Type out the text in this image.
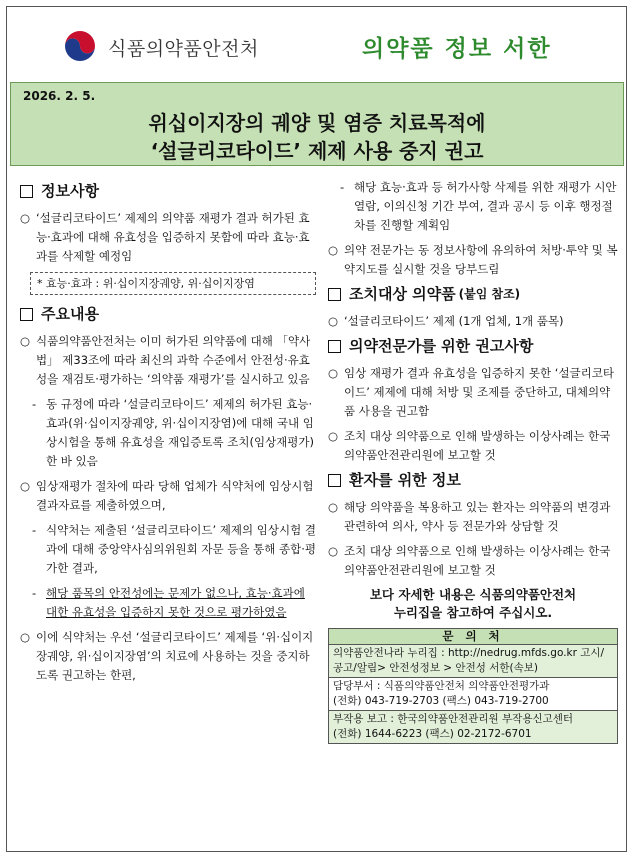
식품의약품안전처	의약품 정보 서한
2026. 2. 5.
위십이지장의 궤양 및 염증 치료목적에
‘설글리코타이드’ 제제 사용 중지 권고
정보사항
○ ‘설글리코타이드’ 제제의 의약품 재평가 결과 허가된 효능·효과에 대해 유효성을 입증하지 못함에 따라 효능·효과를 삭제할 예정임
* 효능·효과 : 위·십이지장궤양, 위·십이지장염
주요내용
○ 식품의약품안전처는 이미 허가된 의약품에 대해 「약사법」 제33조에 따라 최신의 과학 수준에서 안전성·유효성을 재검토·평가하는 ‘의약품 재평가’를 실시하고 있음
- 동 규정에 따라 ‘설글리코타이드’ 제제의 허가된 효능·효과(위·십이지장궤양, 위·십이지장염)에 대해 국내 임상시험을 통해 유효성을 재입증토록 조치(임상재평가)한 바 있음
○ 임상재평가 절차에 따라 당해 업체가 식약처에 임상시험 결과자료를 제출하였으며,
- 식약처는 제출된 ‘설글리코타이드’ 제제의 임상시험 결과에 대해 중앙약사심의위원회 자문 등을 통해 종합·평가한 결과,
- 해당 품목의 안전성에는 문제가 없으나, 효능·효과에 대한 유효성을 입증하지 못한 것으로 평가하였음
○ 이에 식약처는 우선 ‘설글리코타이드’ 제제를 ‘위·십이지장궤양, 위·십이지장염’의 치료에 사용하는 것을 중지하도록 권고하는 한편,
- 해당 효능·효과 등 허가사항 삭제를 위한 재평가 시안 열람, 이의신청 기간 부여, 결과 공시 등 이후 행정절차를 진행할 계획임
○ 의약 전문가는 동 정보사항에 유의하여 처방·투약 및 복약지도를 실시할 것을 당부드림
조치대상 의약품 (붙임 참조)
○ ‘설글리코타이드’ 제제 (1개 업체, 1개 품목)
의약전문가를 위한 권고사항
○ 임상 재평가 결과 유효성을 입증하지 못한 ‘설글리코타이드’ 제제에 대해 처방 및 조제를 중단하고, 대체의약품 사용을 권고함
○ 조치 대상 의약품으로 인해 발생하는 이상사례는 한국의약품안전관리원에 보고할 것
환자를 위한 정보
○ 해당 의약품을 복용하고 있는 환자는 의약품의 변경과 관련하여 의사, 약사 등 전문가와 상담할 것
○ 조치 대상 의약품으로 인해 발생하는 이상사례는 한국의약품안전관리원에 보고할 것
보다 자세한 내용은 식품의약품안전처
누리집을 참고하여 주십시오.
문 의 처
의약품안전나라 누리집 : http://nedrug.mfds.go.kr 고시/공고/알림> 안전성정보 > 안전성 서한(속보)
담당부서 : 식품의약품안전처 의약품안전평가과
(전화) 043-719-2703 (팩스) 043-719-2700
부작용 보고 : 한국의약품안전관리원 부작용신고센터
(전화) 1644-6223 (팩스) 02-2172-6701
